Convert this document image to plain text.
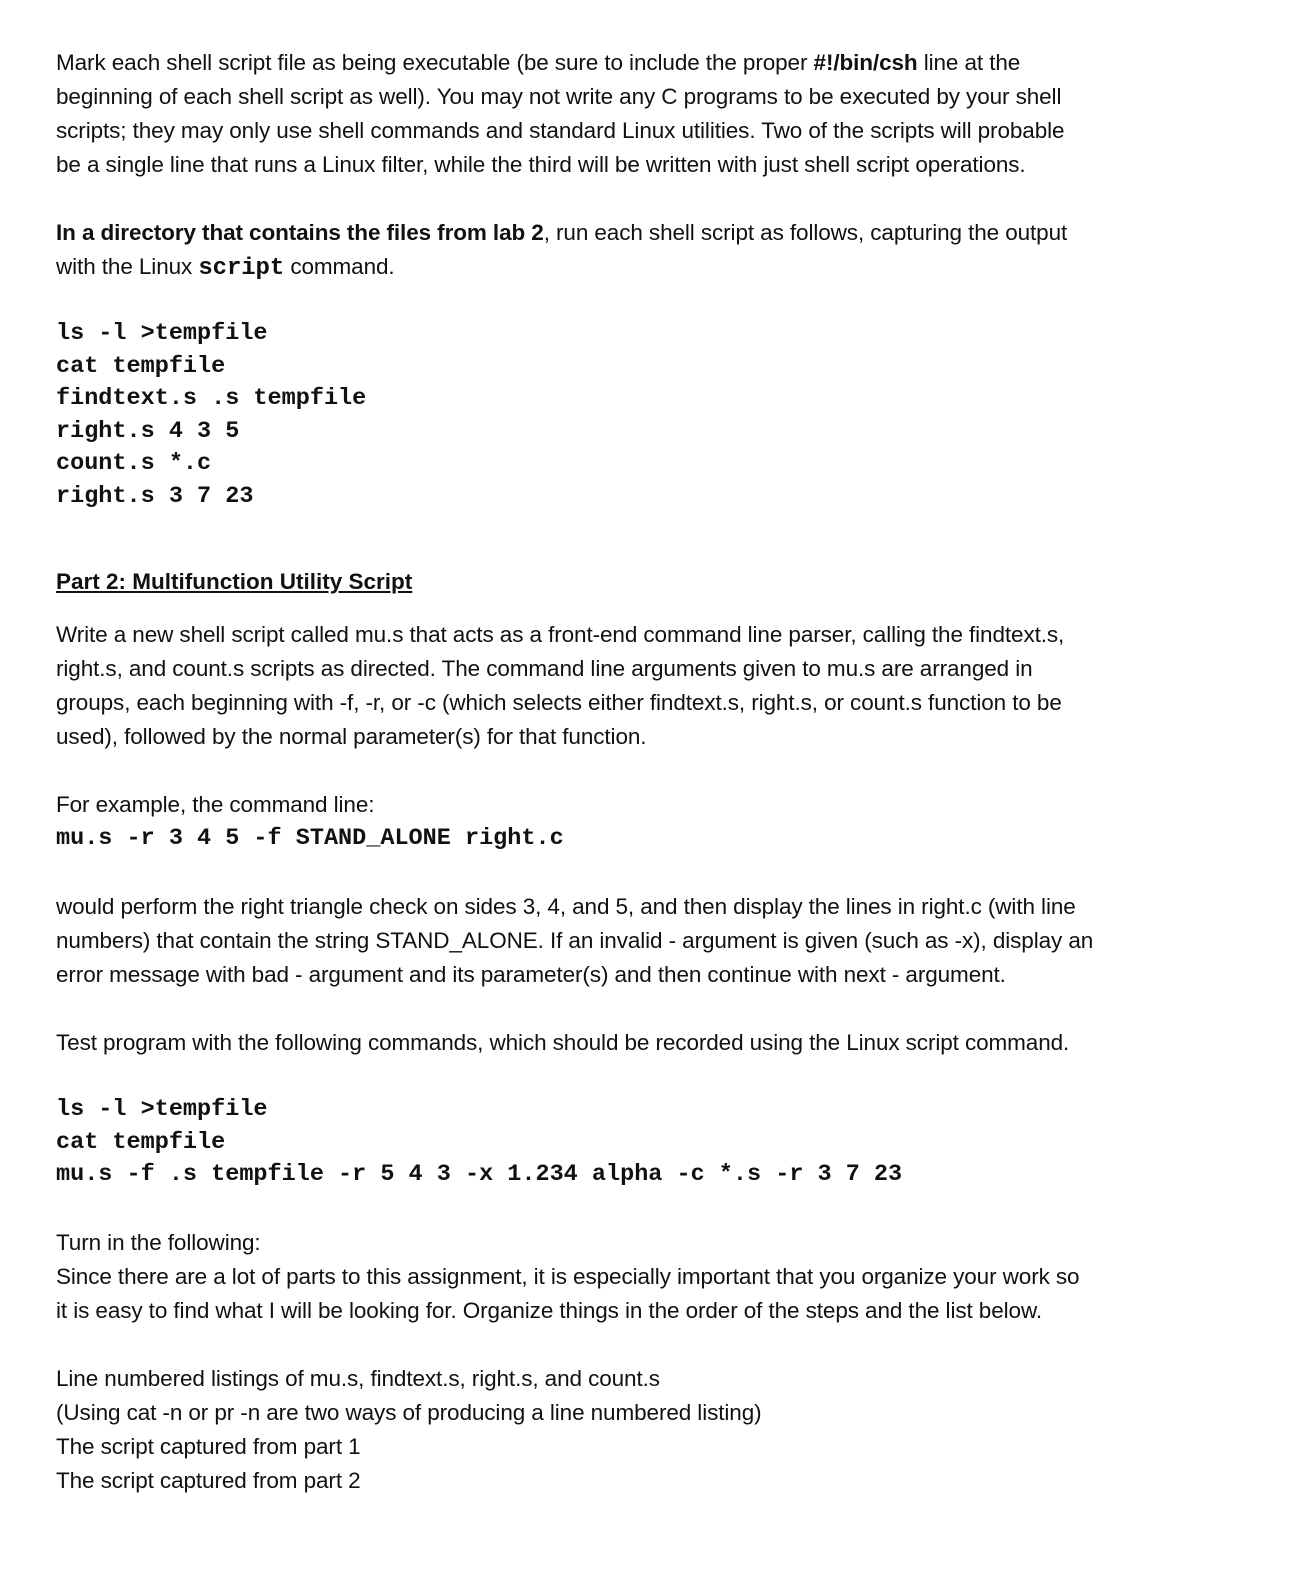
Mark each shell script file as being executable (be sure to include the proper #!/bin/csh line at the
beginning of each shell script as well). You may not write any C programs to be executed by your shell
scripts; they may only use shell commands and standard Linux utilities. Two of the scripts will probable
be a single line that runs a Linux filter, while the third will be written with just shell script operations.
In a directory that contains the files from lab 2, run each shell script as follows, capturing the output
with the Linux script command.
ls -l >tempfile
cat tempfile
findtext.s .s tempfile
right.s 4 3 5
count.s *.c
right.s 3 7 23
Part 2: Multifunction Utility Script
Write a new shell script called mu.s that acts as a front-end command line parser, calling the findtext.s,
right.s, and count.s scripts as directed. The command line arguments given to mu.s are arranged in
groups, each beginning with -f, -r, or -c (which selects either findtext.s, right.s, or count.s function to be
used), followed by the normal parameter(s) for that function.
For example, the command line:
mu.s -r 3 4 5 -f STAND_ALONE right.c
would perform the right triangle check on sides 3, 4, and 5, and then display the lines in right.c (with line
numbers) that contain the string STAND_ALONE. If an invalid - argument is given (such as -x), display an
error message with bad - argument and its parameter(s) and then continue with next - argument.
Test program with the following commands, which should be recorded using the Linux script command.
ls -l >tempfile
cat tempfile
mu.s -f .s tempfile -r 5 4 3 -x 1.234 alpha -c *.s -r 3 7 23
Turn in the following:
Since there are a lot of parts to this assignment, it is especially important that you organize your work so
it is easy to find what I will be looking for. Organize things in the order of the steps and the list below.
Line numbered listings of mu.s, findtext.s, right.s, and count.s
(Using cat -n or pr -n are two ways of producing a line numbered listing)
The script captured from part 1
The script captured from part 2
